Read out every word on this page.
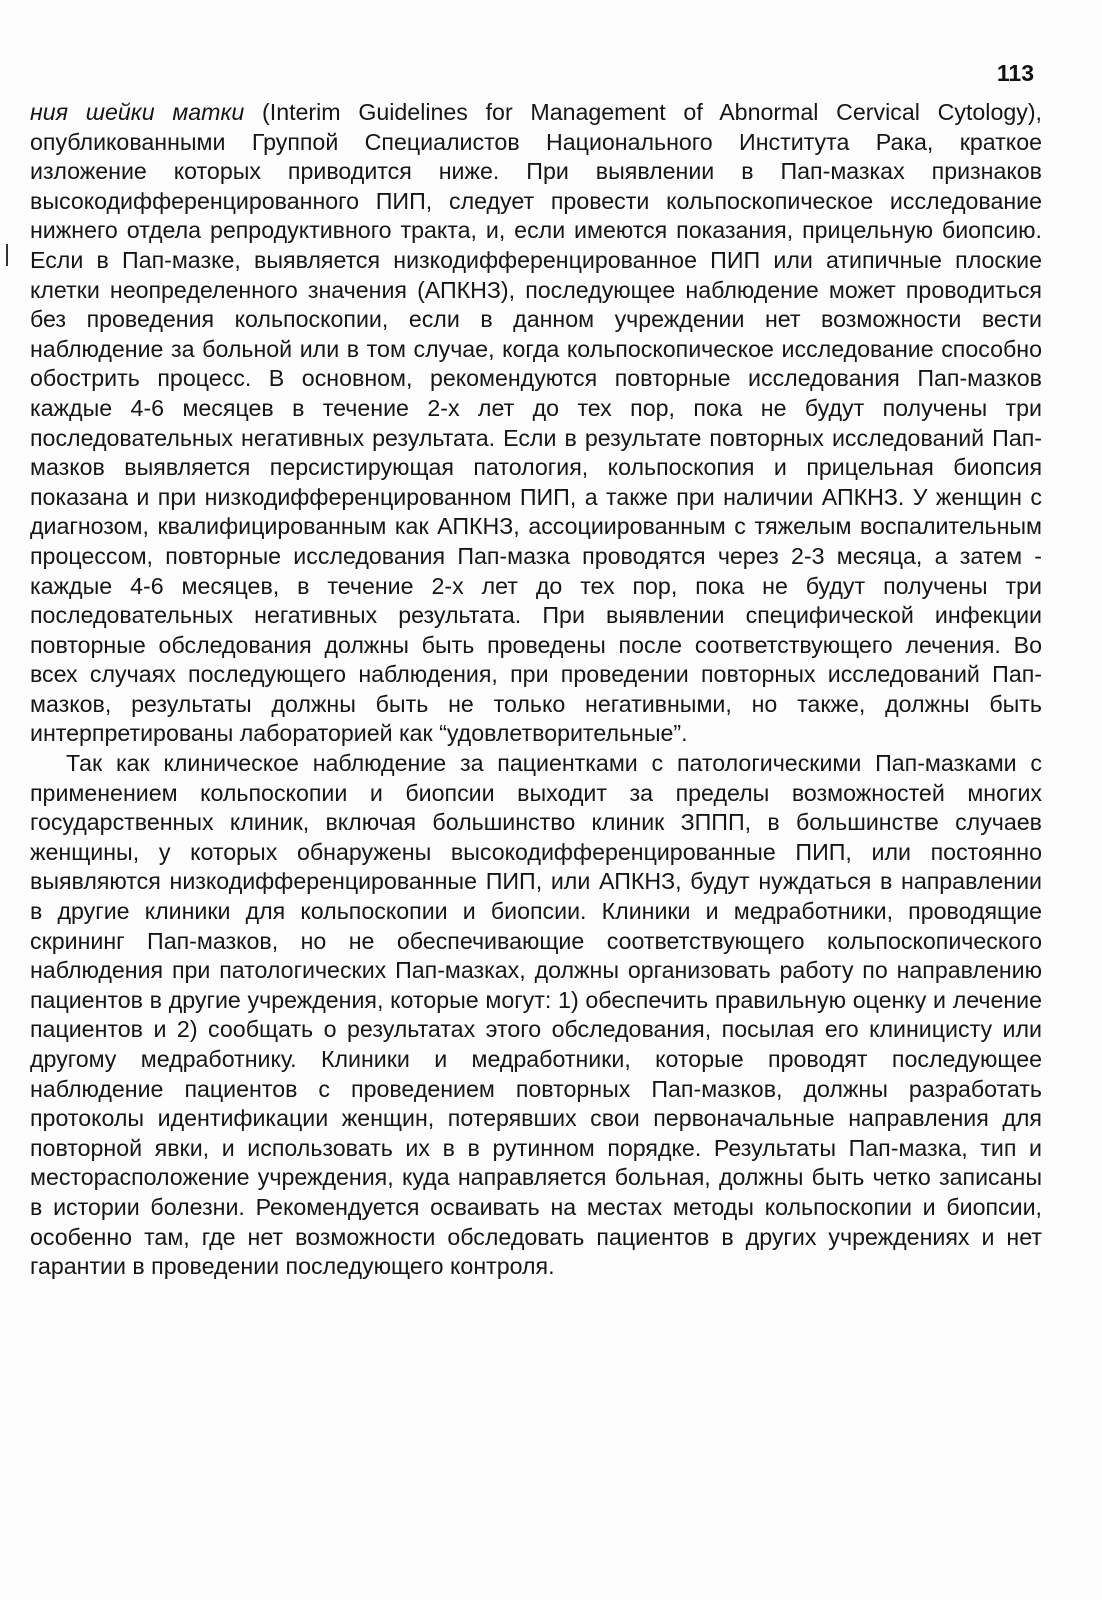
113

ния шейки матки (Interim Guidelines for Management of Abnormal Cervical Cytology), опубликованными Группой Специалистов Национального Института Рака, краткое изложение которых приводится ниже. При выявлении в Пап-мазках признаков высокодифференцированного ПИП, следует провести кольпоскопическое исследование нижнего отдела репродуктивного тракта, и, если имеются показания, прицельную биопсию. Если в Пап-мазке, выявляется низкодифференцированное ПИП или атипичные плоские клетки неопределенного значения (АПКНЗ), последующее наблюдение может проводиться без проведения кольпоскопии, если в данном учреждении нет возможности вести наблюдение за больной или в том случае, когда кольпоскопическое исследование способно обострить процесс. В основном, рекомендуются повторные исследования Пап-мазков каждые 4-6 месяцев в течение 2-х лет до тех пор, пока не будут получены три последовательных негативных результата. Если в результате повторных исследований Пап-мазков выявляется персистирующая патология, кольпоскопия и прицельная биопсия показана и при низкодифференцированном ПИП, а также при наличии АПКНЗ. У женщин с диагнозом, квалифицированным как АПКНЗ, ассоциированным с тяжелым воспалительным процессом, повторные исследования Пап-мазка проводятся через 2-3 месяца, а затем - каждые 4-6 месяцев, в течение 2-х лет до тех пор, пока не будут получены три последовательных негативных результата. При выявлении специфической инфекции повторные обследования должны быть проведены после соответствующего лечения. Во всех случаях последующего наблюдения, при проведении повторных исследований Пап-мазков, результаты должны быть не только негативными, но также, должны быть интерпретированы лабораторией как “удовлетворительные”.

Так как клиническое наблюдение за пациентками с патологическими Пап-мазками с применением кольпоскопии и биопсии выходит за пределы возможностей многих государственных клиник, включая большинство клиник ЗППП, в большинстве случаев женщины, у которых обнаружены высокодифференцированные ПИП, или постоянно выявляются низкодифференцированные ПИП, или АПКНЗ, будут нуждаться в направлении в другие клиники для кольпоскопии и биопсии. Клиники и медработники, проводящие скрининг Пап-мазков, но не обеспечивающие соответствующего кольпоскопического наблюдения при патологических Пап-мазках, должны организовать работу по направлению пациентов в другие учреждения, которые могут: 1) обеспечить правильную оценку и лечение пациентов и 2) сообщать о результатах этого обследования, посылая его клиницисту или другому медработнику. Клиники и медработники, которые проводят последующее наблюдение пациентов с проведением повторных Пап-мазков, должны разработать протоколы идентификации женщин, потерявших свои первоначальные направления для повторной явки, и использовать их в в рутинном порядке. Результаты Пап-мазка, тип и месторасположение учреждения, куда направляется больная, должны быть четко записаны в истории болезни. Рекомендуется осваивать на местах методы кольпоскопии и биопсии, особенно там, где нет возможности обследовать пациентов в других учреждениях и нет гарантии в проведении последующего контроля.
